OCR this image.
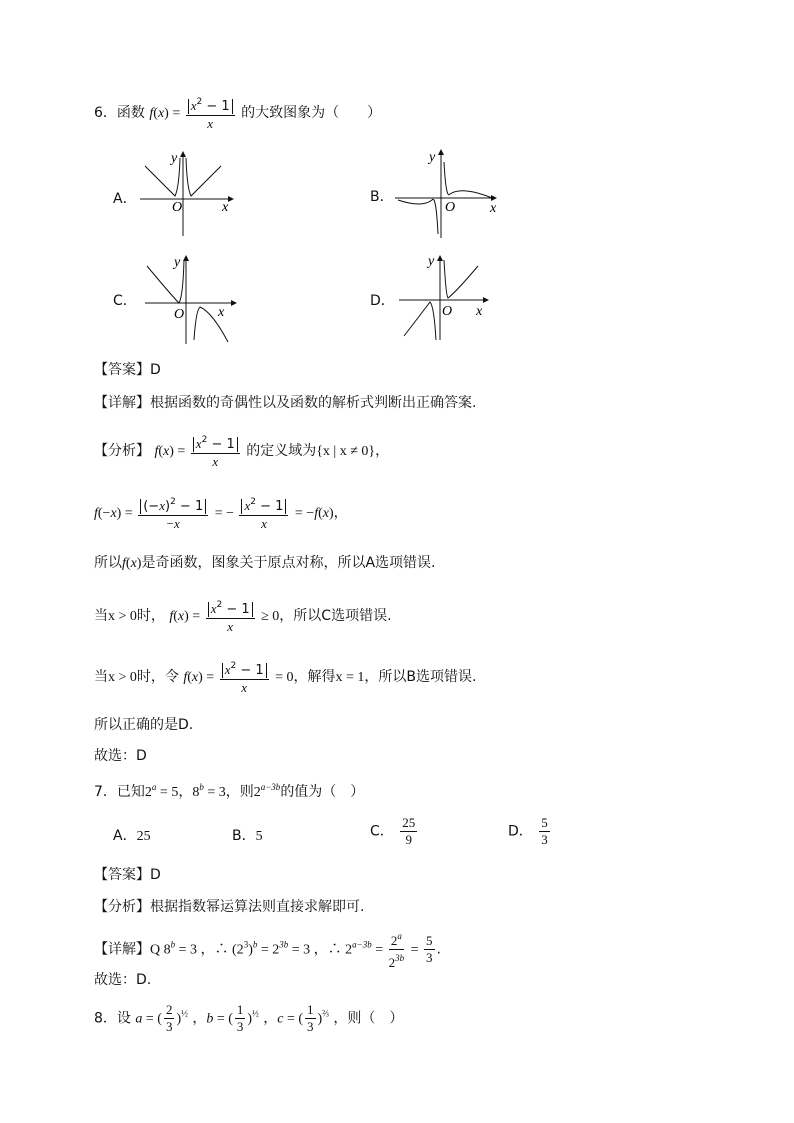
6．函数 $f(x) = \frac{x^2 - 1}{x}$ 的大致图象为（　　）
A．	B．
C．	D．
y
O	x
y
O x
y
O x
y
O x
【答案】D
【详解】根据函数的奇偶性以及函数的解析式判断出正确答案.
【分析】 $f(x) = \frac{x^2 - 1}{x}$ 的定义域为{x | x ≠ 0}，
$f(-x) = \frac{(-x)^2 - 1}{-x}$ = − $\frac{x^2 - 1}{x} = -f(x)$，
所以f(x)是奇函数，图象关于原点对称，所以A选项错误.
当x > 0时， $f(x) = \frac{x^2 - 1}{x} \ge 0$，所以C选项错误.
当x > 0时，令 $f(x) = \frac{x^2 - 1}{x} = 0$，解得x = 1，所以B选项错误.
所以正确的是D.
故选：D
7．已知$2^a = 5$，$8^b = 3$，则$2^{a-3b}$的值为（　）
A．25	B．5	C． $\frac{25}{9}$	D． $\frac{5}{3}$
【答案】D
【分析】根据指数幂运算法则直接求解即可.
【详解】Q $8^b = 3$ ，∴ $(2^3)^b = 2^{3b} = 3$ ，∴ $2^{a-3b} = \frac{2^a}{2^{3b}} = \frac{5}{3}$ .
故选：D.
8．设 a = ( $\frac{2}{3} )^{\frac{1}{2}}$ ，b = ( $\frac{1}{3} )^{\frac{1}{2}}$ ，c = ( $\frac{1}{3} )^{\frac{2}{3}}$ ，则（　）
